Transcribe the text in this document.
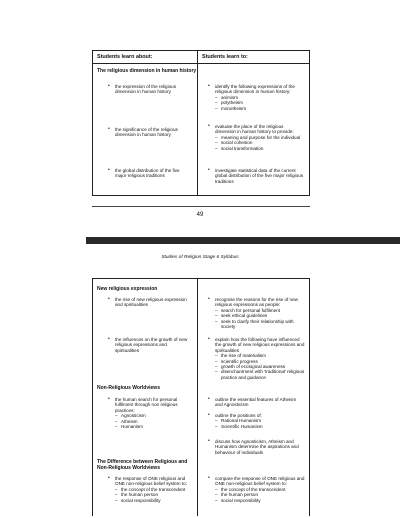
Students learn about:	Students learn to:
The religious dimension in human history
• the expression of the religious dimension in human history
• the significance of the religious dimension in human history
• the global distribution of the five major religious traditions
• identify the following expressions of the religious dimension in human history:
– animism
– polytheism
– monotheism
• evaluate the place of the religious dimension in human history to provide:
– meaning and purpose for the individual
– social cohesion
– social transformation
• investigate statistical data of the current global distribution of the five major religious traditions
49
Studies of Religion Stage 6 Syllabus
New religious expression
• the rise of new religious expression and spiritualities
• the influences on the growth of new religious expressions and spiritualities
Non-Religious Worldviews
• the human search for personal fulfilment through non religious practices:
– Agnosticism
– Atheism
– Humanism
The Difference between Religious and Non-Religious Worldviews
• the response of ONE religious and ONE non-religious belief system to:
– the concept of the transcendent
– the human person
– social responsibility
• recognise the reasons for the rise of new religious expressions as people:
– search for personal fulfilment
– seek ethical guidelines
– seek to clarify their relationship with society
• explain how the following have influenced the growth of new religious expressions and spiritualities
– the rise of materialism
– scientific progress
– growth of ecological awareness
– disenchantment with 'traditional' religious practice and guidance
• outline the essential features of Atheism and Agnosticism
• outline the positions of:
– Rational Humanism
– Scientific Humanism
• discuss how Agnosticism, Atheism and Humanism determine the aspirations and behaviour of individuals
• compare the response of ONE religious and ONE non-religious belief system to:
– the concept of the transcendent
– the human person
– social responsibility
